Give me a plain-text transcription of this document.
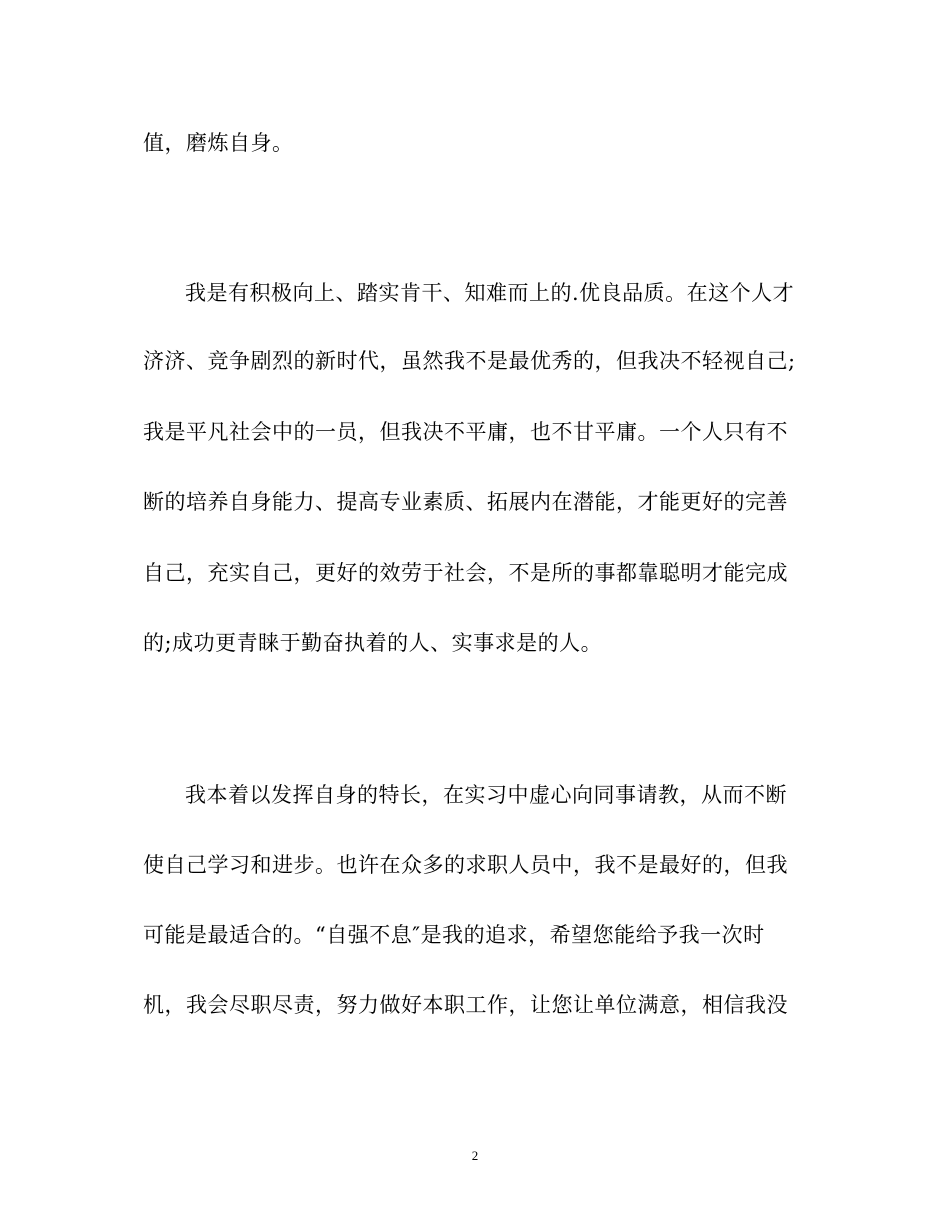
值，磨炼自身。
我是有积极向上、踏实肯干、知难而上的.优良品质。在这个人才
济济、竞争剧烈的新时代，虽然我不是最优秀的，但我决不轻视自己;
我是平凡社会中的一员，但我决不平庸，也不甘平庸。一个人只有不
断的培养自身能力、提高专业素质、拓展内在潜能，才能更好的完善
自己，充实自己，更好的效劳于社会，不是所的事都靠聪明才能完成
的;成功更青睐于勤奋执着的人、实事求是的人。
我本着以发挥自身的特长，在实习中虚心向同事请教，从而不断
使自己学习和进步。也许在众多的求职人员中，我不是最好的，但我
可能是最适合的。“自强不息″是我的追求，希望您能给予我一次时
机，我会尽职尽责，努力做好本职工作，让您让单位满意，相信我没
2
